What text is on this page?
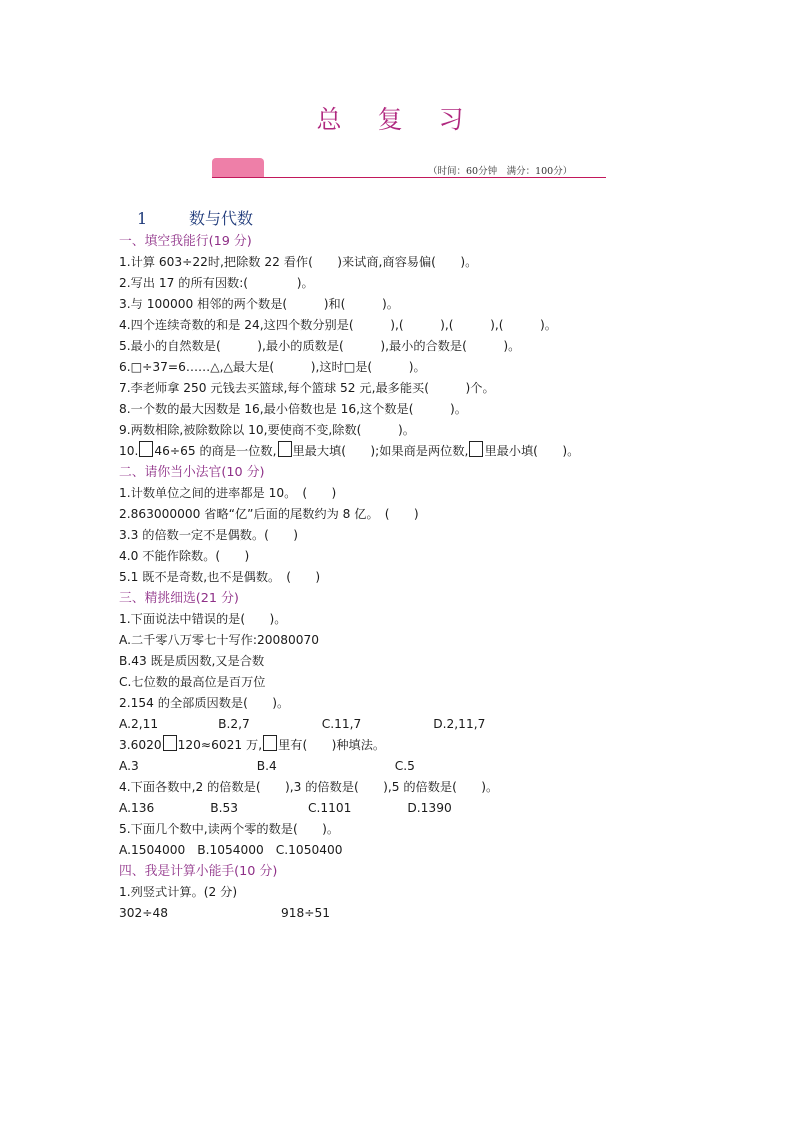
总 复 习
（时间：60分钟　满分：100分）
1	数与代数
一、填空我能行(19 分)
1.计算 603÷22时,把除数 22 看作(　　)来试商,商容易偏(　　)。
2.写出 17 的所有因数:(　　　　)。
3.与 100000 相邻的两个数是(　　　)和(　　　)。
4.四个连续奇数的和是 24,这四个数分别是(　　　),(　　　),(　　　),(　　　)。
5.最小的自然数是(　　　),最小的质数是(　　　),最小的合数是(　　　)。
6.□÷37=6……△,△最大是(　　　),这时□是(　　　)。
7.李老师拿 250 元钱去买篮球,每个篮球 52 元,最多能买(　　　)个。
8.一个数的最大因数是 16,最小倍数也是 16,这个数是(　　　)。
9.两数相除,被除数除以 10,要使商不变,除数(　　　)。
10. 46÷65 的商是一位数, 里最大填(　　);如果商是两位数, 里最小填(　　)。
二、请你当小法官(10 分)
1.计数单位之间的进率都是 10。　(　　)
2.863000000 省略“亿”后面的尾数约为 8 亿。　(　　)
3.3 的倍数一定不是偶数。(　　)
4.0 不能作除数。(　　)
5.1 既不是奇数,也不是偶数。　(　　)
三、精挑细选(21 分)
1.下面说法中错误的是(　　)。
A.二千零八万零七十写作:20080070
B.43 既是质因数,又是合数
C.七位数的最高位是百万位
2.154 的全部质因数是(　　)。
A.2,11	B.2,7	C.11,7	D.2,11,7
3.6020 120≈6021 万, 里有(　　)种填法。
A.3	B.4	C.5
4.下面各数中,2 的倍数是(　　),3 的倍数是(　　),5 的倍数是(　　)。
A.136	B.53	C.1101	D.1390
5.下面几个数中,读两个零的数是(　　)。
A.1504000 B.1054000 C.1050400
四、我是计算小能手(10 分)
1.列竖式计算。(2 分)
302÷48	918÷51
